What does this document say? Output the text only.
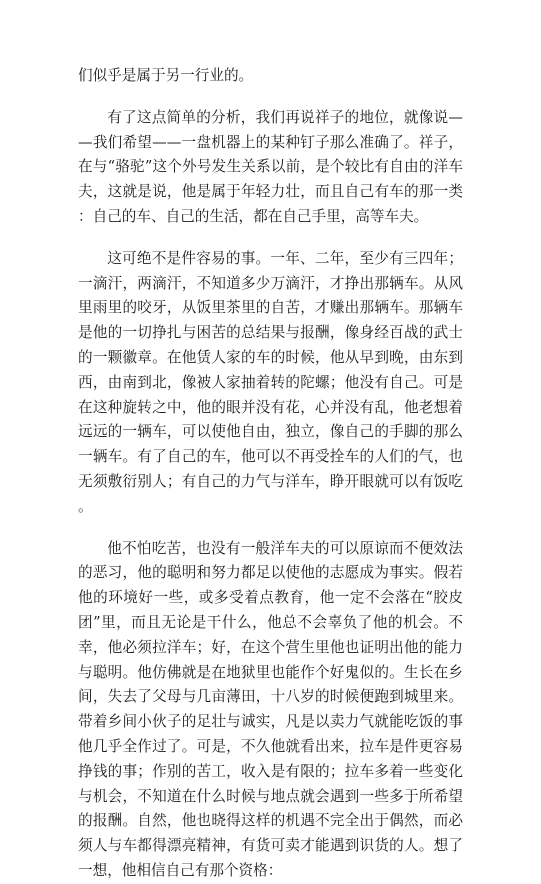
们似乎是属于另一行业的。

有了这点简单的分析，我们再说祥子的地位，就像说——我们希望——一盘机器上的某种钉子那么准确了。祥子，在与“骆驼”这个外号发生关系以前，是个较比有自由的洋车夫，这就是说，他是属于年轻力壮，而且自己有车的那一类：自己的车、自己的生活，都在自己手里，高等车夫。

这可绝不是件容易的事。一年、二年，至少有三四年；一滴汗，两滴汗，不知道多少万滴汗，才挣出那辆车。从风里雨里的咬牙，从饭里茶里的自苦，才赚出那辆车。那辆车是他的一切挣扎与困苦的总结果与报酬，像身经百战的武士的一颗徽章。在他赁人家的车的时候，他从早到晚，由东到西，由南到北，像被人家抽着转的陀螺；他没有自己。可是在这种旋转之中，他的眼并没有花，心并没有乱，他老想着远远的一辆车，可以使他自由，独立，像自己的手脚的那么一辆车。有了自己的车，他可以不再受拴车的人们的气，也无须敷衍别人；有自己的力气与洋车，睁开眼就可以有饭吃。

他不怕吃苦，也没有一般洋车夫的可以原谅而不便效法的恶习，他的聪明和努力都足以使他的志愿成为事实。假若他的环境好一些，或多受着点教育，他一定不会落在“胶皮团”里，而且无论是干什么，他总不会辜负了他的机会。不幸，他必须拉洋车；好，在这个营生里他也证明出他的能力与聪明。他仿佛就是在地狱里也能作个好鬼似的。生长在乡间，失去了父母与几亩薄田，十八岁的时候便跑到城里来。带着乡间小伙子的足壮与诚实，凡是以卖力气就能吃饭的事他几乎全作过了。可是，不久他就看出来，拉车是件更容易挣钱的事；作别的苦工，收入是有限的；拉车多着一些变化与机会，不知道在什么时候与地点就会遇到一些多于所希望的报酬。自然，他也晓得这样的机遇不完全出于偶然，而必须人与车都得漂亮精神，有货可卖才能遇到识货的人。想了一想，他相信自己有那个资格：
